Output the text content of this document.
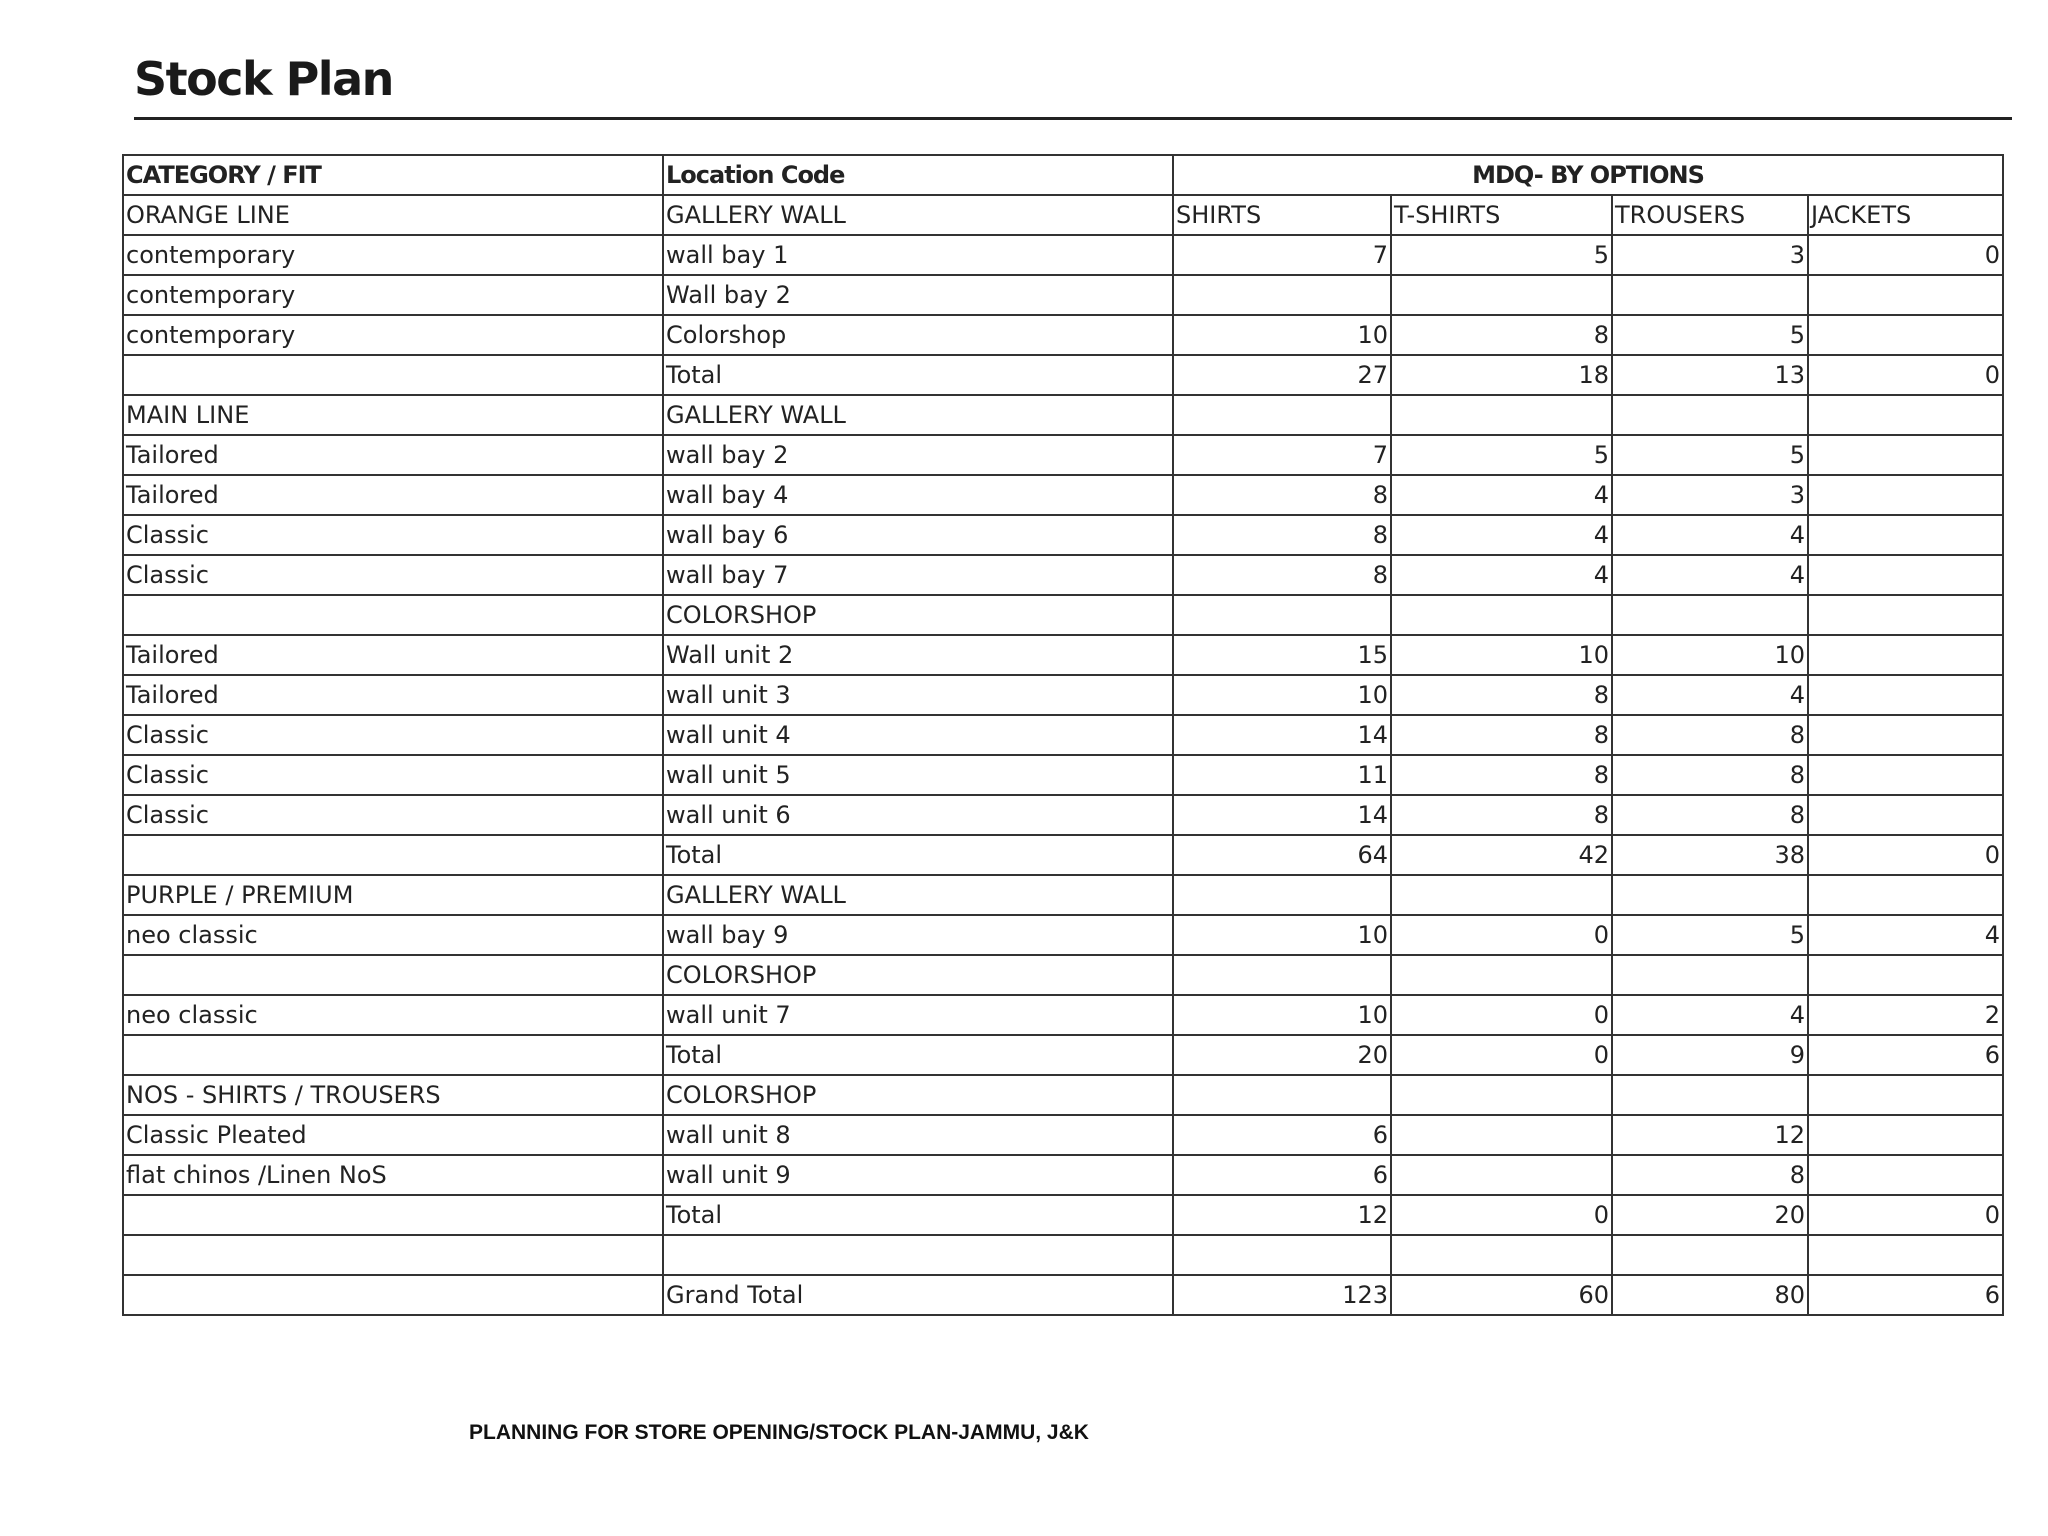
Stock Plan
CATEGORY / FIT	Location Code	MDQ- BY OPTIONS			
ORANGE LINE	GALLERY WALL	SHIRTS	T-SHIRTS	TROUSERS	JACKETS
contemporary	wall bay 1	7	5	3	0
contemporary	Wall bay 2				
contemporary	Colorshop	10	8	5	
	Total	27	18	13	0
MAIN LINE	GALLERY WALL				
Tailored	wall bay 2	7	5	5	
Tailored	wall bay 4	8	4	3	
Classic	wall bay 6	8	4	4	
Classic	wall bay 7	8	4	4	
	COLORSHOP				
Tailored	Wall unit 2	15	10	10	
Tailored	wall unit 3	10	8	4	
Classic	wall unit 4	14	8	8	
Classic	wall unit 5	11	8	8	
Classic	wall unit 6	14	8	8	
	Total	64	42	38	0
PURPLE / PREMIUM	GALLERY WALL				
neo classic	wall bay 9	10	0	5	4
	COLORSHOP				
neo classic	wall unit 7	10	0	4	2
	Total	20	0	9	6
NOS - SHIRTS / TROUSERS	COLORSHOP				
Classic Pleated	wall unit 8	6		12	
flat chinos /Linen NoS	wall unit 9	6		8	
	Total	12	0	20	0

	Grand Total	123	60	80	6
PLANNING FOR STORE OPENING/STOCK PLAN-JAMMU, J&K
